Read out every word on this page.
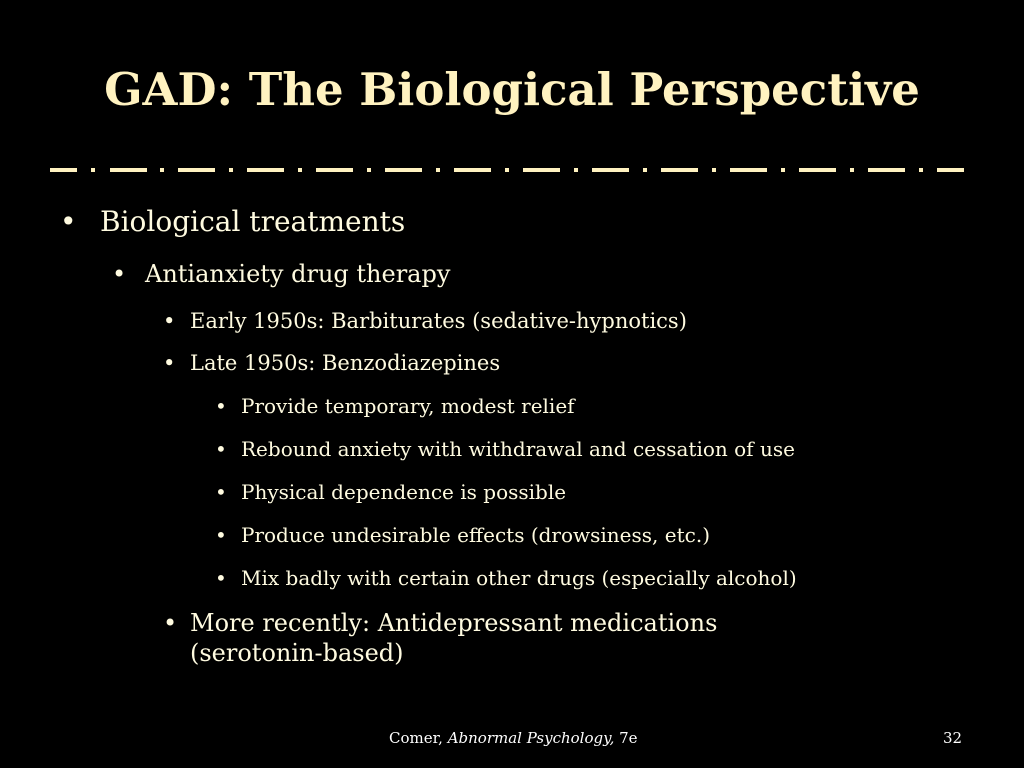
GAD: The Biological Perspective
• Biological treatments
• Antianxiety drug therapy
• Early 1950s: Barbiturates (sedative-hypnotics)
• Late 1950s: Benzodiazepines
• Provide temporary, modest relief
• Rebound anxiety with withdrawal and cessation of use
• Physical dependence is possible
• Produce undesirable effects (drowsiness, etc.)
• Mix badly with certain other drugs (especially alcohol)
• More recently: Antidepressant medications
(serotonin-based)
Comer, Abnormal Psychology, 7e	32
